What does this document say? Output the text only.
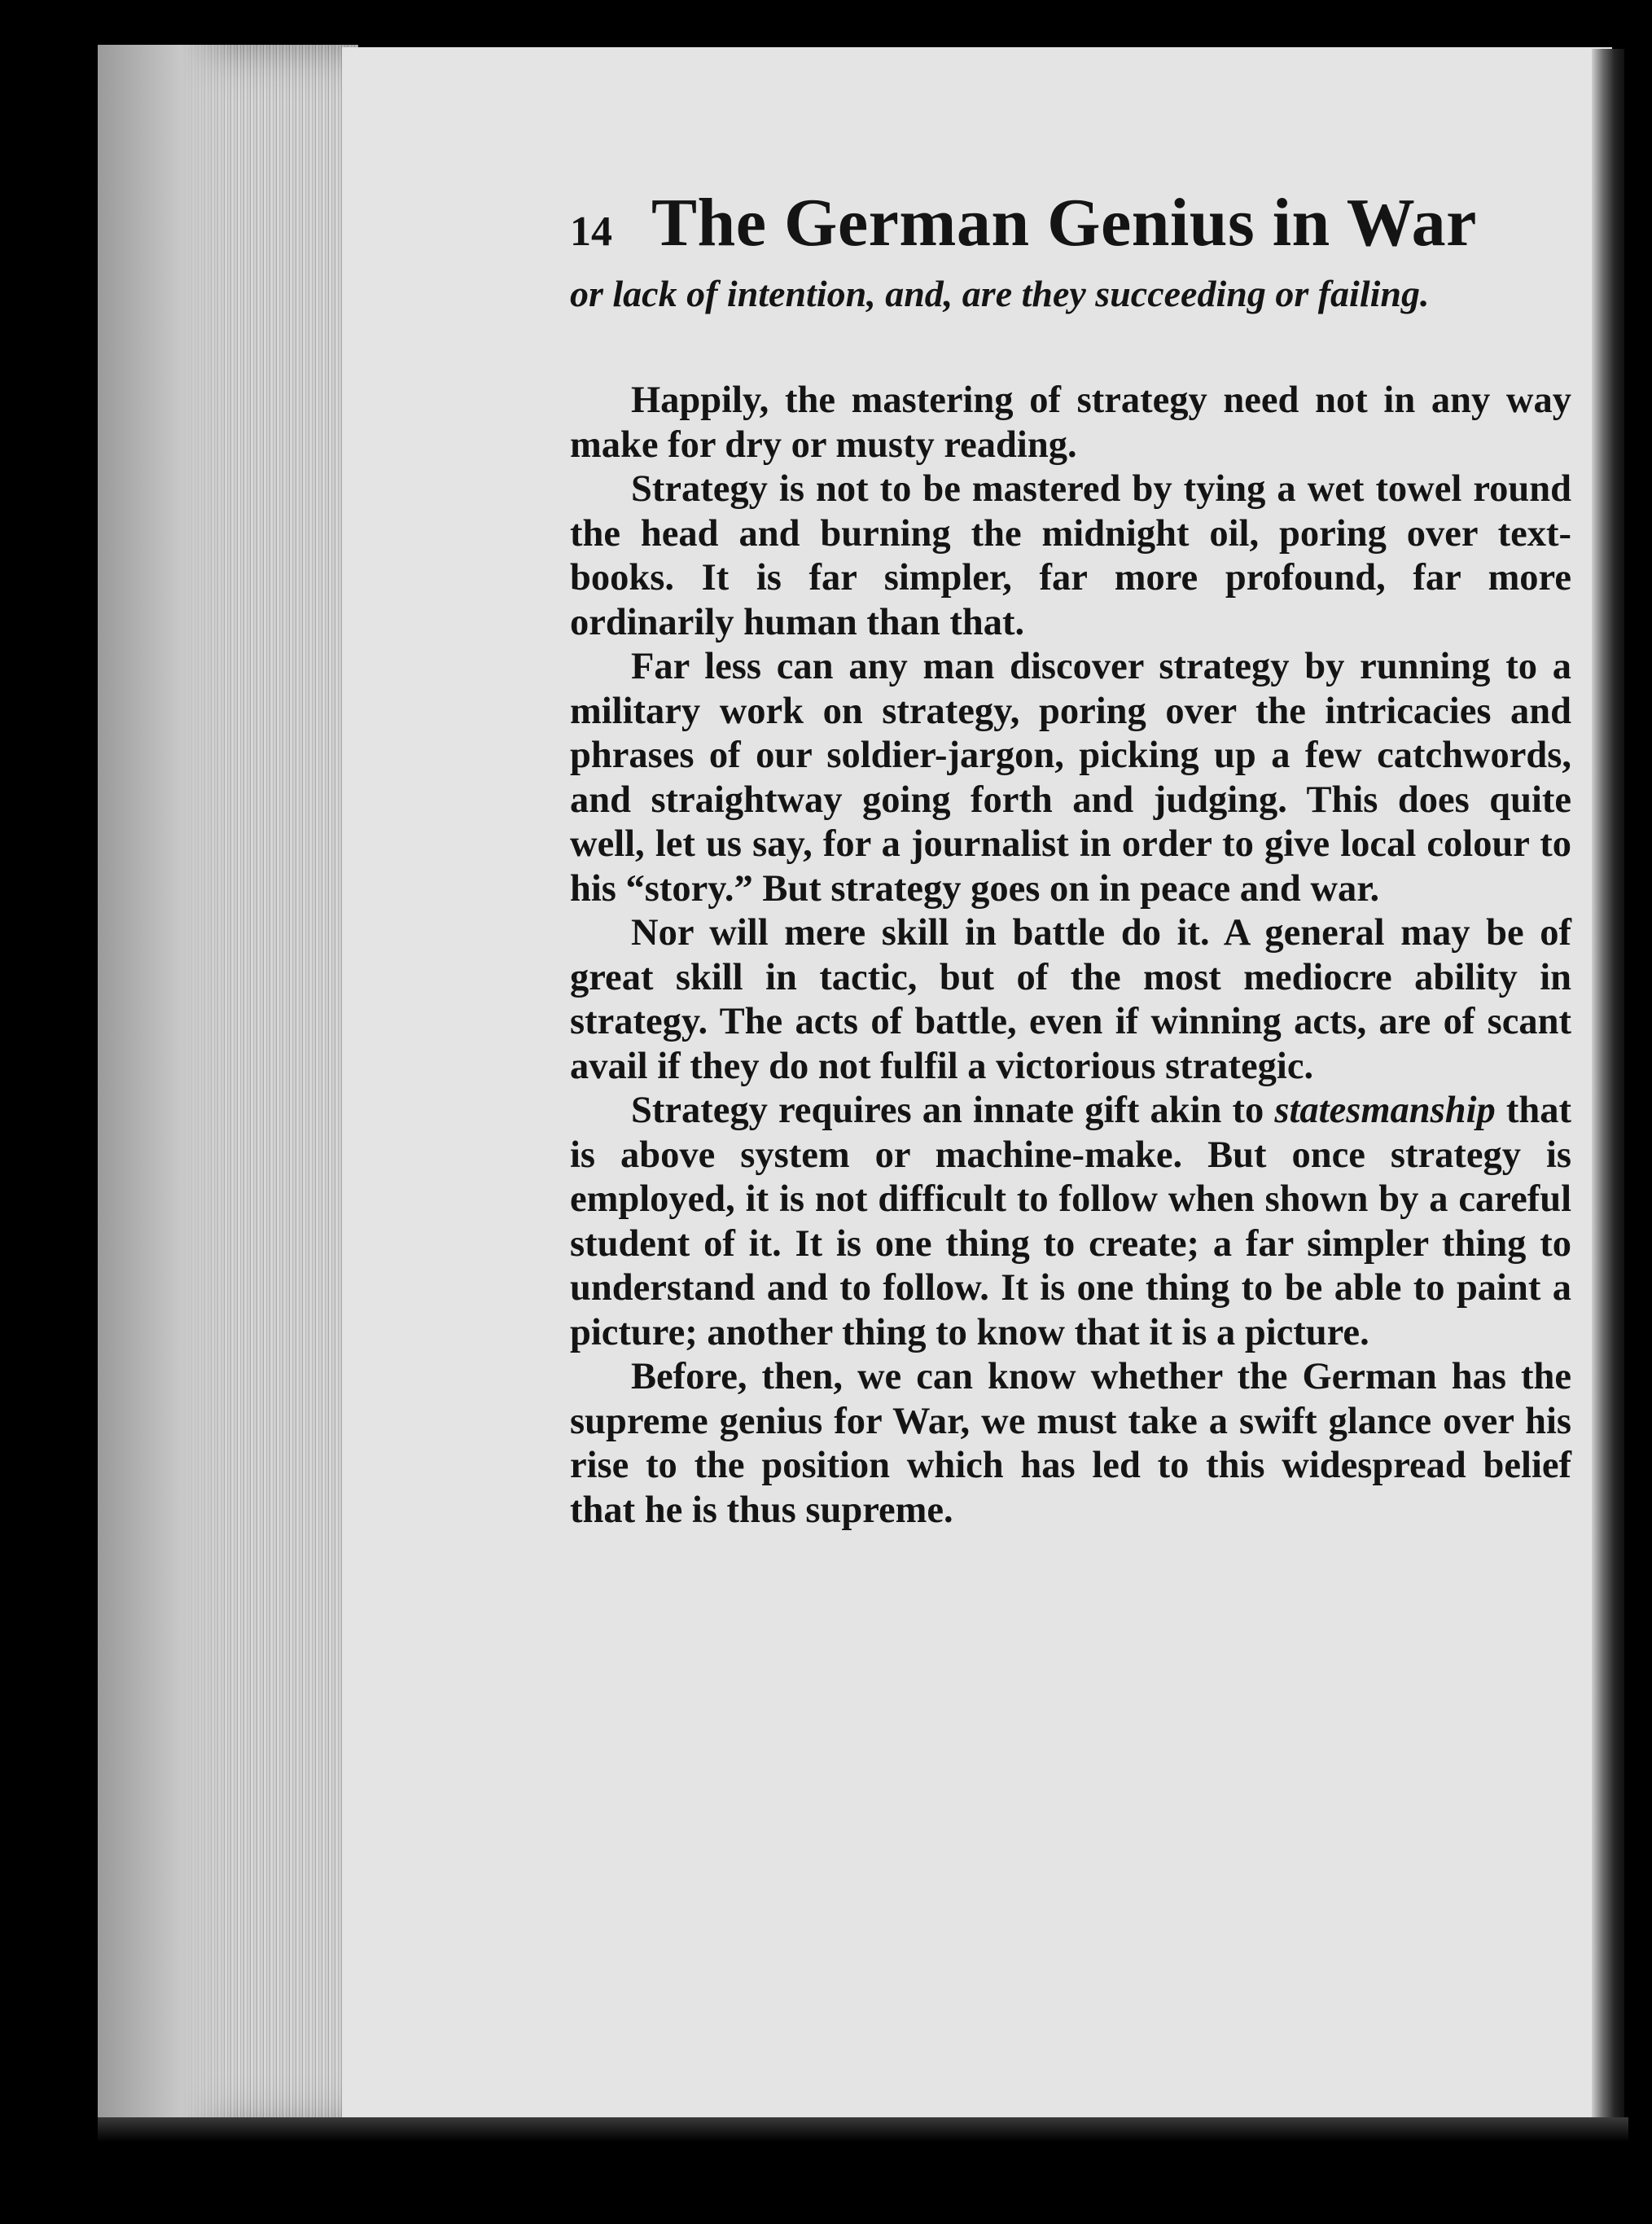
14 The German Genius in War

or lack of intention, and, are they succeeding or failing.

Happily, the mastering of strategy need not in any way make for dry or musty reading.

Strategy is not to be mastered by tying a wet towel round the head and burning the midnight oil, poring over text-books. It is far simpler, far more profound, far more ordinarily human than that.

Far less can any man discover strategy by running to a military work on strategy, poring over the intricacies and phrases of our soldier-jargon, picking up a few catchwords, and straightway going forth and judging. This does quite well, let us say, for a journalist in order to give local colour to his “story.” But strategy goes on in peace and war.

Nor will mere skill in battle do it. A general may be of great skill in tactic, but of the most mediocre ability in strategy. The acts of battle, even if winning acts, are of scant avail if they do not fulfil a victorious strategic.

Strategy requires an innate gift akin to statesmanship that is above system or machine-make. But once strategy is employed, it is not difficult to follow when shown by a careful student of it. It is one thing to create; a far simpler thing to understand and to follow. It is one thing to be able to paint a picture; another thing to know that it is a picture.

Before, then, we can know whether the German has the supreme genius for War, we must take a swift glance over his rise to the position which has led to this widespread belief that he is thus supreme.
